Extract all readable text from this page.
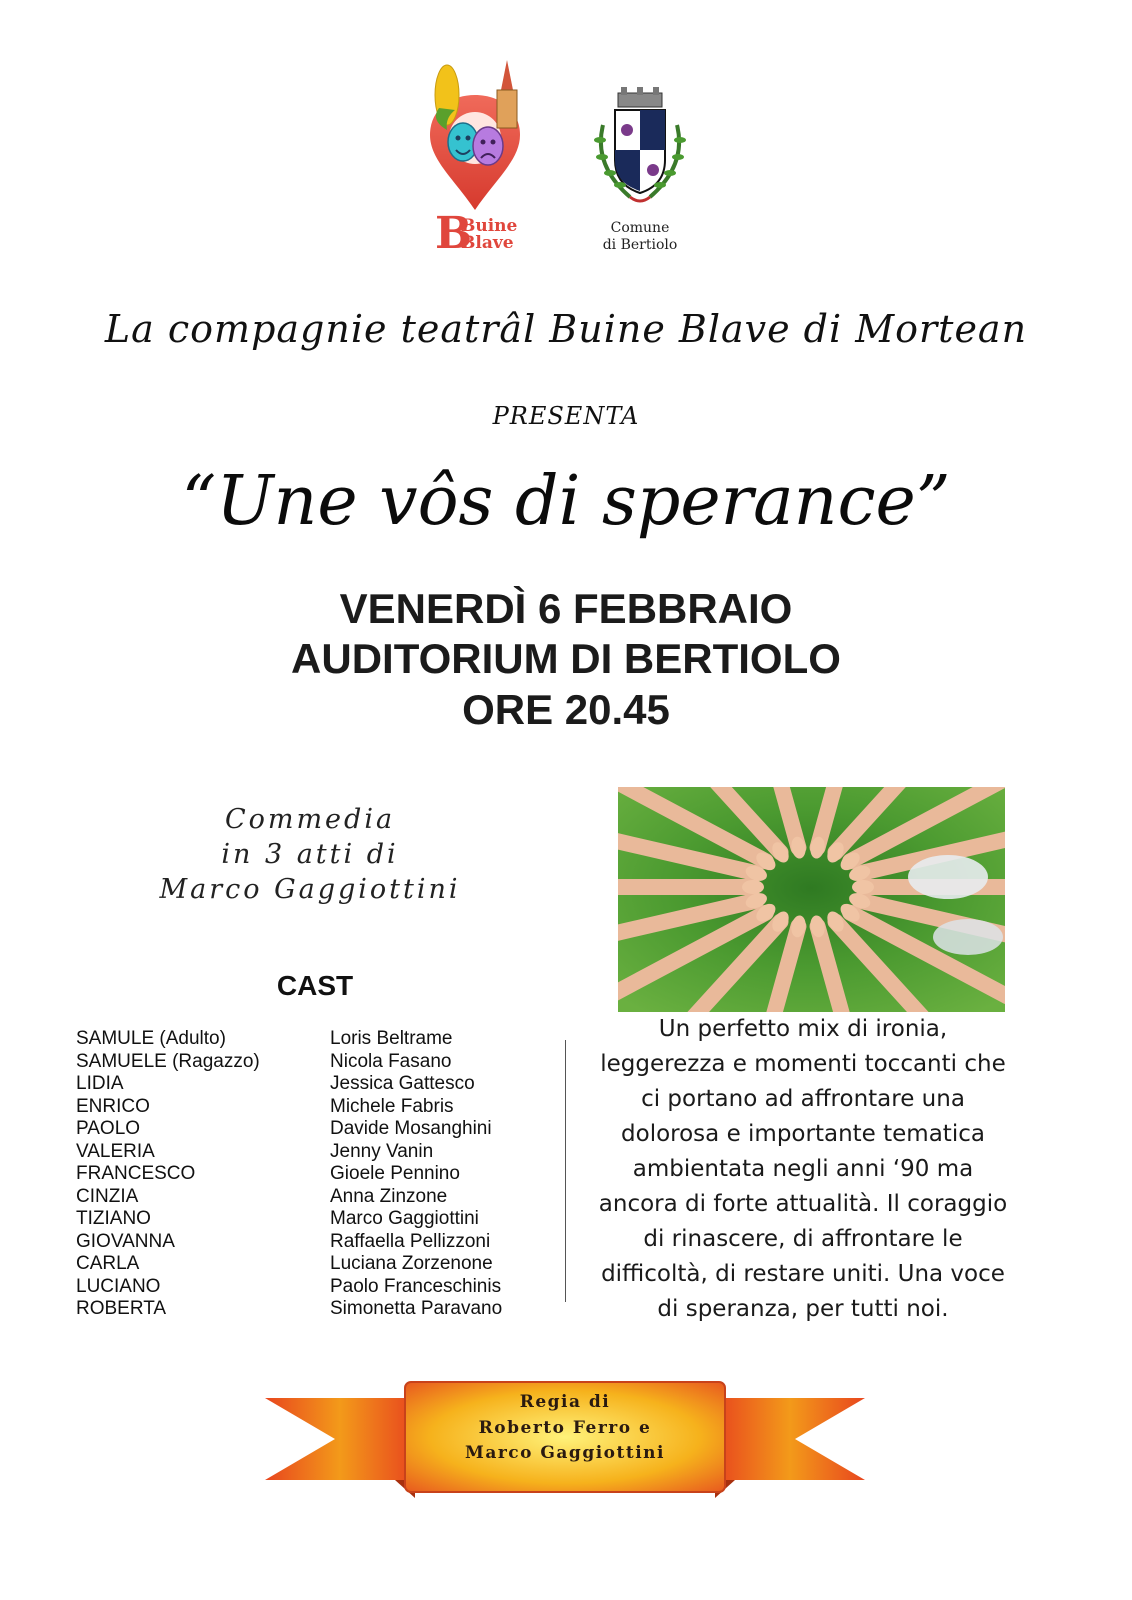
B
Buine
Blave
Comune
di Bertiolo
La compagnie teatrâl Buine Blave di Mortean
PRESENTA
“Une vôs di sperance”
VENERDÌ 6 FEBBRAIO
AUDITORIUM DI BERTIOLO
ORE 20.45
Commedia
in 3 atti di
Marco Gaggiottini
CAST
SAMULE (Adulto)
SAMUELE (Ragazzo)
LIDIA
ENRICO
PAOLO
VALERIA
FRANCESCO
CINZIA
TIZIANO
GIOVANNA
CARLA
LUCIANO
ROBERTA
Loris Beltrame
Nicola Fasano
Jessica Gattesco
Michele Fabris
Davide Mosanghini
Jenny Vanin
Gioele Pennino
Anna Zinzone
Marco Gaggiottini
Raffaella Pellizzoni
Luciana Zorzenone
Paolo Franceschinis
Simonetta Paravano
Un perfetto mix di ironia,
leggerezza e momenti toccanti che
ci portano ad affrontare una
dolorosa e importante tematica
ambientata negli anni ‘90 ma
ancora di forte attualità. Il coraggio
di rinascere, di affrontare le
difficoltà, di restare uniti. Una voce
di speranza, per tutti noi.
Regia di
Roberto Ferro e
Marco Gaggiottini
